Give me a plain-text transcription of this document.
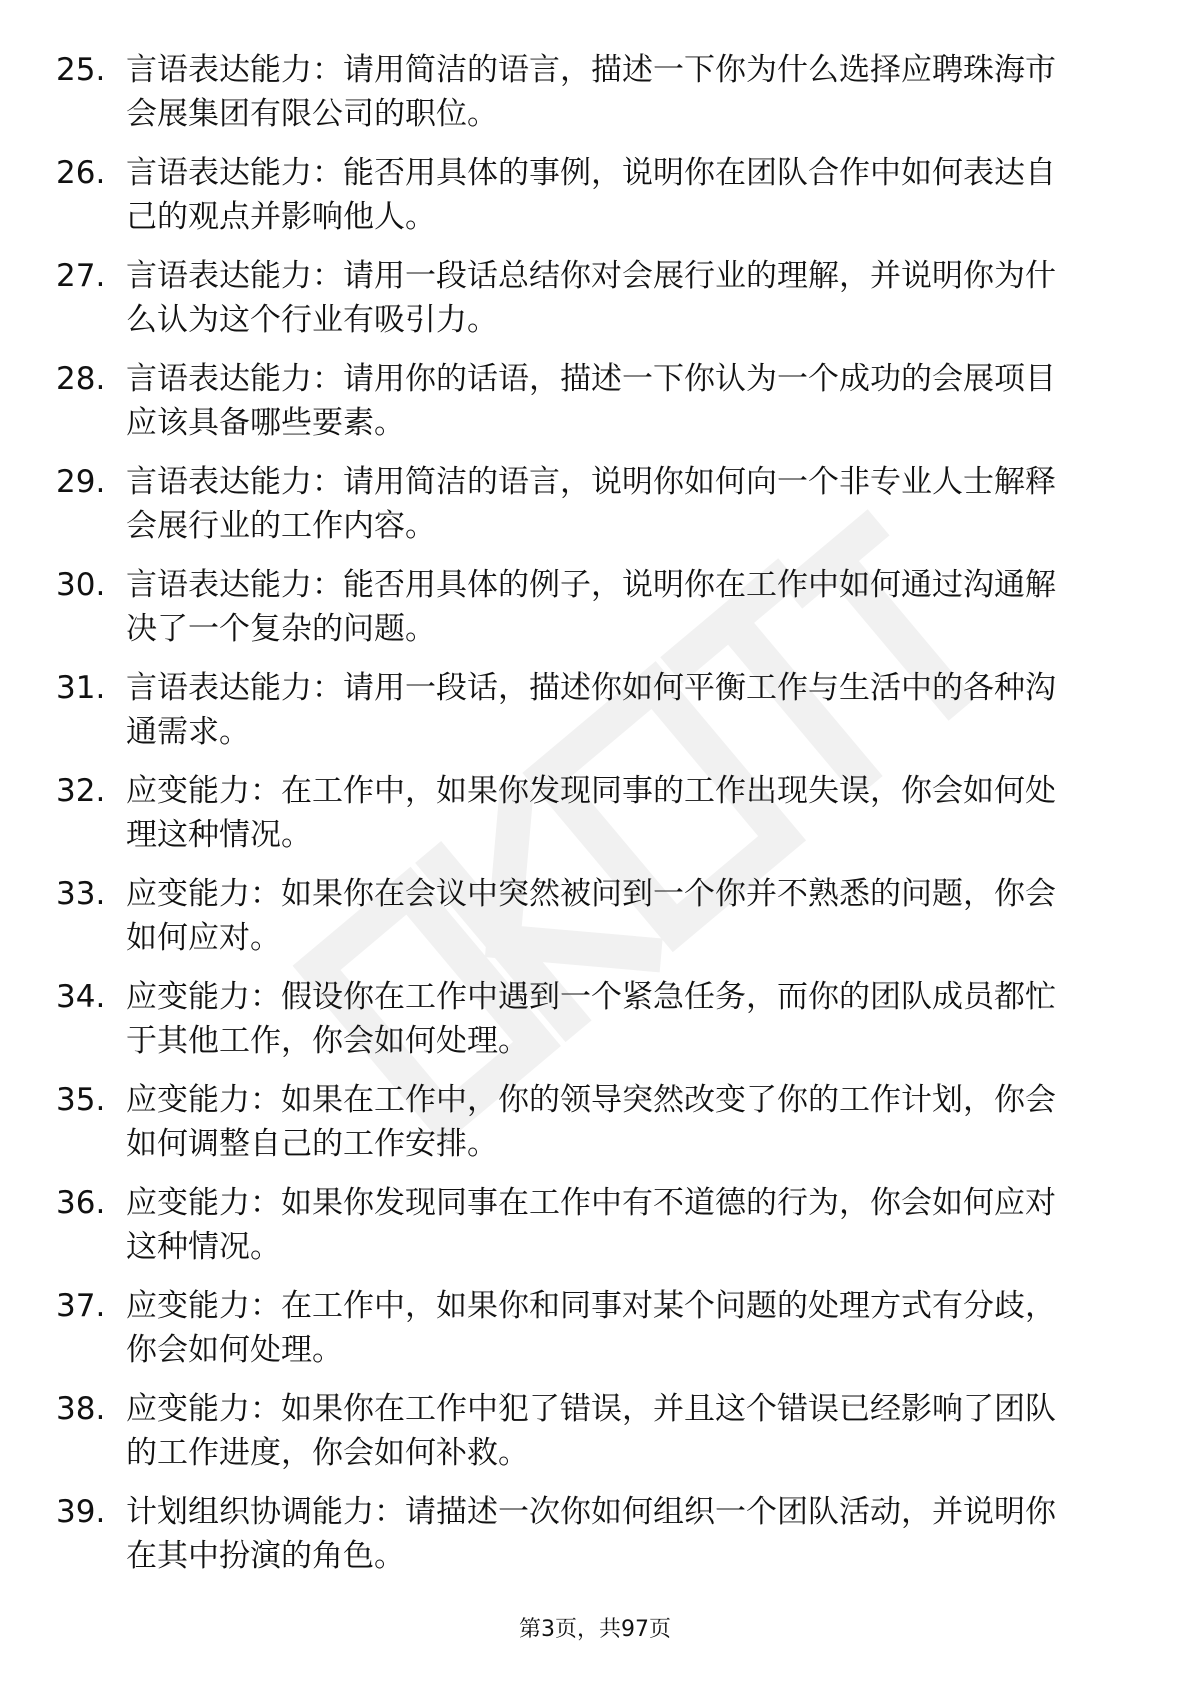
25. 言语表达能力：请用简洁的语言，描述一下你为什么选择应聘珠海市会展集团有限公司的职位。
26. 言语表达能力：能否用具体的事例，说明你在团队合作中如何表达自己的观点并影响他人。
27. 言语表达能力：请用一段话总结你对会展行业的理解，并说明你为什么认为这个行业有吸引力。
28. 言语表达能力：请用你的话语，描述一下你认为一个成功的会展项目应该具备哪些要素。
29. 言语表达能力：请用简洁的语言，说明你如何向一个非专业人士解释会展行业的工作内容。
30. 言语表达能力：能否用具体的例子，说明你在工作中如何通过沟通解决了一个复杂的问题。
31. 言语表达能力：请用一段话，描述你如何平衡工作与生活中的各种沟通需求。
32. 应变能力：在工作中，如果你发现同事的工作出现失误，你会如何处理这种情况。
33. 应变能力：如果你在会议中突然被问到一个你并不熟悉的问题，你会如何应对。
34. 应变能力：假设你在工作中遇到一个紧急任务，而你的团队成员都忙于其他工作，你会如何处理。
35. 应变能力：如果在工作中，你的领导突然改变了你的工作计划，你会如何调整自己的工作安排。
36. 应变能力：如果你发现同事在工作中有不道德的行为，你会如何应对这种情况。
37. 应变能力：在工作中，如果你和同事对某个问题的处理方式有分歧，你会如何处理。
38. 应变能力：如果你在工作中犯了错误，并且这个错误已经影响了团队的工作进度，你会如何补救。
39. 计划组织协调能力：请描述一次你如何组织一个团队活动，并说明你在其中扮演的角色。
第3页，共97页
